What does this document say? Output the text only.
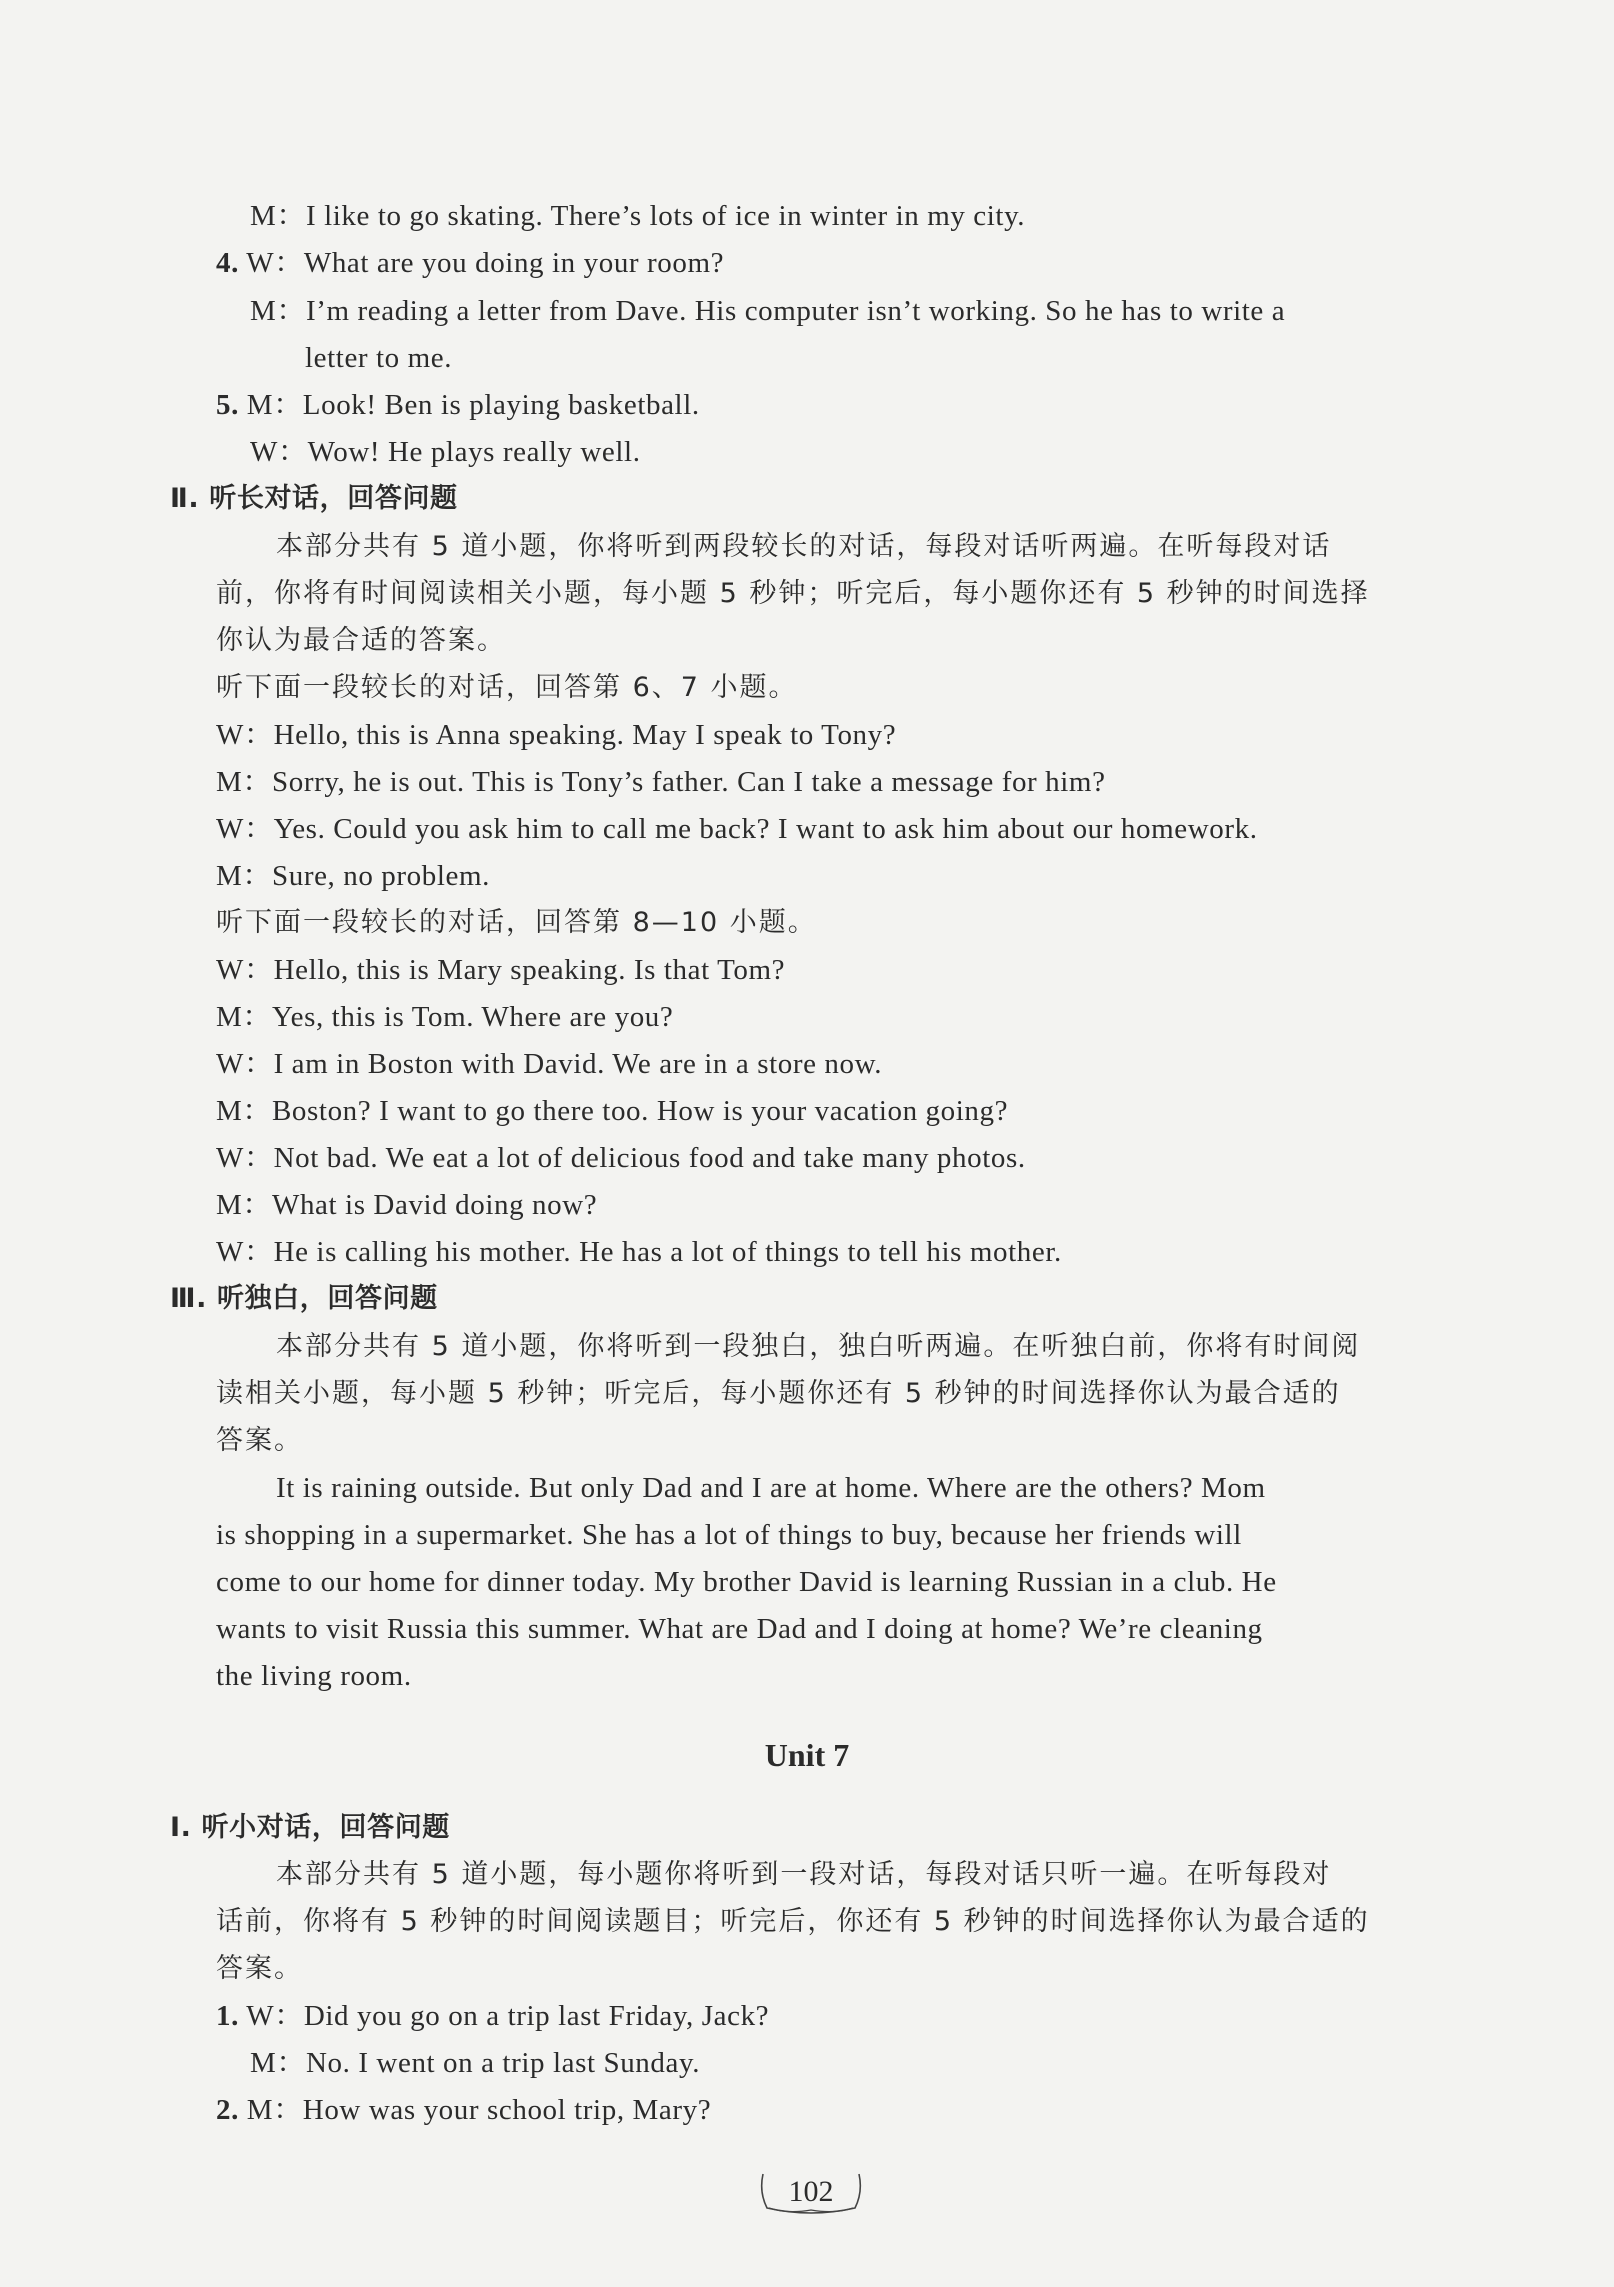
M：I like to go skating. There’s lots of ice in winter in my city.
4. W：What are you doing in your room?
M：I’m reading a letter from Dave. His computer isn’t working. So he has to write a
letter to me.
5. M：Look! Ben is playing basketball.
W：Wow! He plays really well.
Ⅱ. 听长对话，回答问题
本部分共有 5 道小题，你将听到两段较长的对话，每段对话听两遍。在听每段对话
前，你将有时间阅读相关小题，每小题 5 秒钟；听完后，每小题你还有 5 秒钟的时间选择
你认为最合适的答案。
听下面一段较长的对话，回答第 6、7 小题。
W：Hello, this is Anna speaking. May I speak to Tony?
M：Sorry, he is out. This is Tony’s father. Can I take a message for him?
W：Yes. Could you ask him to call me back? I want to ask him about our homework.
M：Sure, no problem.
听下面一段较长的对话，回答第 8—10 小题。
W：Hello, this is Mary speaking. Is that Tom?
M：Yes, this is Tom. Where are you?
W：I am in Boston with David. We are in a store now.
M：Boston? I want to go there too. How is your vacation going?
W：Not bad. We eat a lot of delicious food and take many photos.
M：What is David doing now?
W：He is calling his mother. He has a lot of things to tell his mother.
Ⅲ. 听独白，回答问题
本部分共有 5 道小题，你将听到一段独白，独白听两遍。在听独白前，你将有时间阅
读相关小题，每小题 5 秒钟；听完后，每小题你还有 5 秒钟的时间选择你认为最合适的
答案。
It is raining outside. But only Dad and I are at home. Where are the others? Mom
is shopping in a supermarket. She has a lot of things to buy, because her friends will
come to our home for dinner today. My brother David is learning Russian in a club. He
wants to visit Russia this summer. What are Dad and I doing at home? We’re cleaning
the living room.
Unit 7
Ⅰ. 听小对话，回答问题
本部分共有 5 道小题，每小题你将听到一段对话，每段对话只听一遍。在听每段对
话前，你将有 5 秒钟的时间阅读题目；听完后，你还有 5 秒钟的时间选择你认为最合适的
答案。
1. W：Did you go on a trip last Friday, Jack?
M：No. I went on a trip last Sunday.
2. M：How was your school trip, Mary?
102
